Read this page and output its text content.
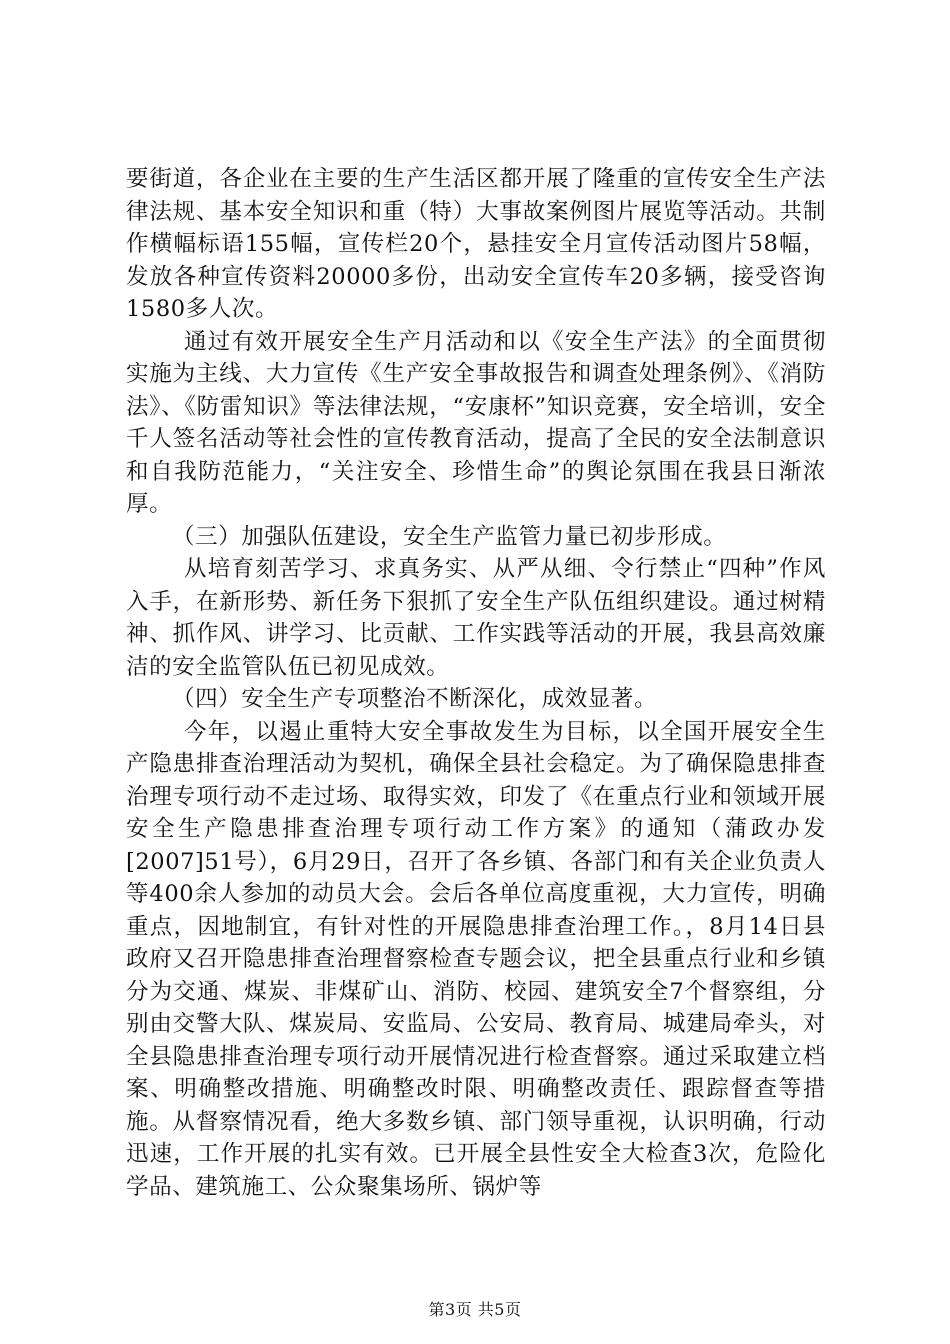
要街道，各企业在主要的生产生活区都开展了隆重的宣传安全生产法律法规、基本安全知识和重（特）大事故案例图片展览等活动。共制作横幅标语155幅，宣传栏20个，悬挂安全月宣传活动图片58幅，发放各种宣传资料20000多份，出动安全宣传车20多辆，接受咨询1580多人次。

通过有效开展安全生产月活动和以《安全生产法》的全面贯彻实施为主线、大力宣传《生产安全事故报告和调查处理条例》、《消防法》、《防雷知识》等法律法规，“安康杯”知识竞赛，安全培训，安全千人签名活动等社会性的宣传教育活动，提高了全民的安全法制意识和自我防范能力，“关注安全、珍惜生命”的舆论氛围在我县日渐浓厚。

（三）加强队伍建设，安全生产监管力量已初步形成。

从培育刻苦学习、求真务实、从严从细、令行禁止“四种”作风入手，在新形势、新任务下狠抓了安全生产队伍组织建设。通过树精神、抓作风、讲学习、比贡献、工作实践等活动的开展，我县高效廉洁的安全监管队伍已初见成效。

（四）安全生产专项整治不断深化，成效显著。

今年，以遏止重特大安全事故发生为目标，以全国开展安全生产隐患排查治理活动为契机，确保全县社会稳定。为了确保隐患排查治理专项行动不走过场、取得实效，印发了《在重点行业和领域开展安全生产隐患排查治理专项行动工作方案》的通知（蒲政办发[2007]51号），6月29日，召开了各乡镇、各部门和有关企业负责人等400余人参加的动员大会。会后各单位高度重视，大力宣传，明确重点，因地制宜，有针对性的开展隐患排查治理工作。，8月14日县政府又召开隐患排查治理督察检查专题会议，把全县重点行业和乡镇分为交通、煤炭、非煤矿山、消防、校园、建筑安全7个督察组，分别由交警大队、煤炭局、安监局、公安局、教育局、城建局牵头，对全县隐患排查治理专项行动开展情况进行检查督察。通过采取建立档案、明确整改措施、明确整改时限、明确整改责任、跟踪督查等措施。从督察情况看，绝大多数乡镇、部门领导重视，认识明确，行动迅速，工作开展的扎实有效。已开展全县性安全大检查3次，危险化学品、建筑施工、公众聚集场所、锅炉等

第3页 共5页
